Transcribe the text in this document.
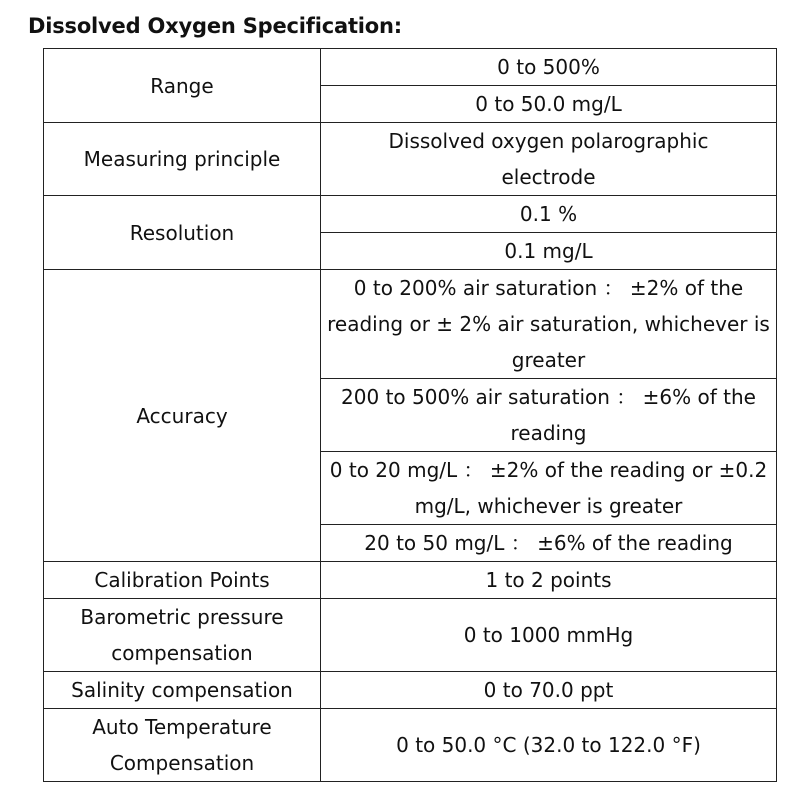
Dissolved Oxygen Specification:
Range	0 to 500%
	0 to 50.0 mg/L
Measuring principle	Dissolved oxygen polarographic electrode
Resolution	0.1 %
	0.1 mg/L
Accuracy	0 to 200% air saturation ： ±2% of the reading or ± 2% air saturation, whichever is greater
	200 to 500% air saturation ： ±6% of the reading
	0 to 20 mg/L ： ±2% of the reading or ±0.2 mg/L, whichever is greater
	20 to 50 mg/L ： ±6% of the reading
Calibration Points	1 to 2 points
Barometric pressure compensation	0 to 1000 mmHg
Salinity compensation	0 to 70.0 ppt
Auto Temperature Compensation	0 to 50.0 °C (32.0 to 122.0 °F)
